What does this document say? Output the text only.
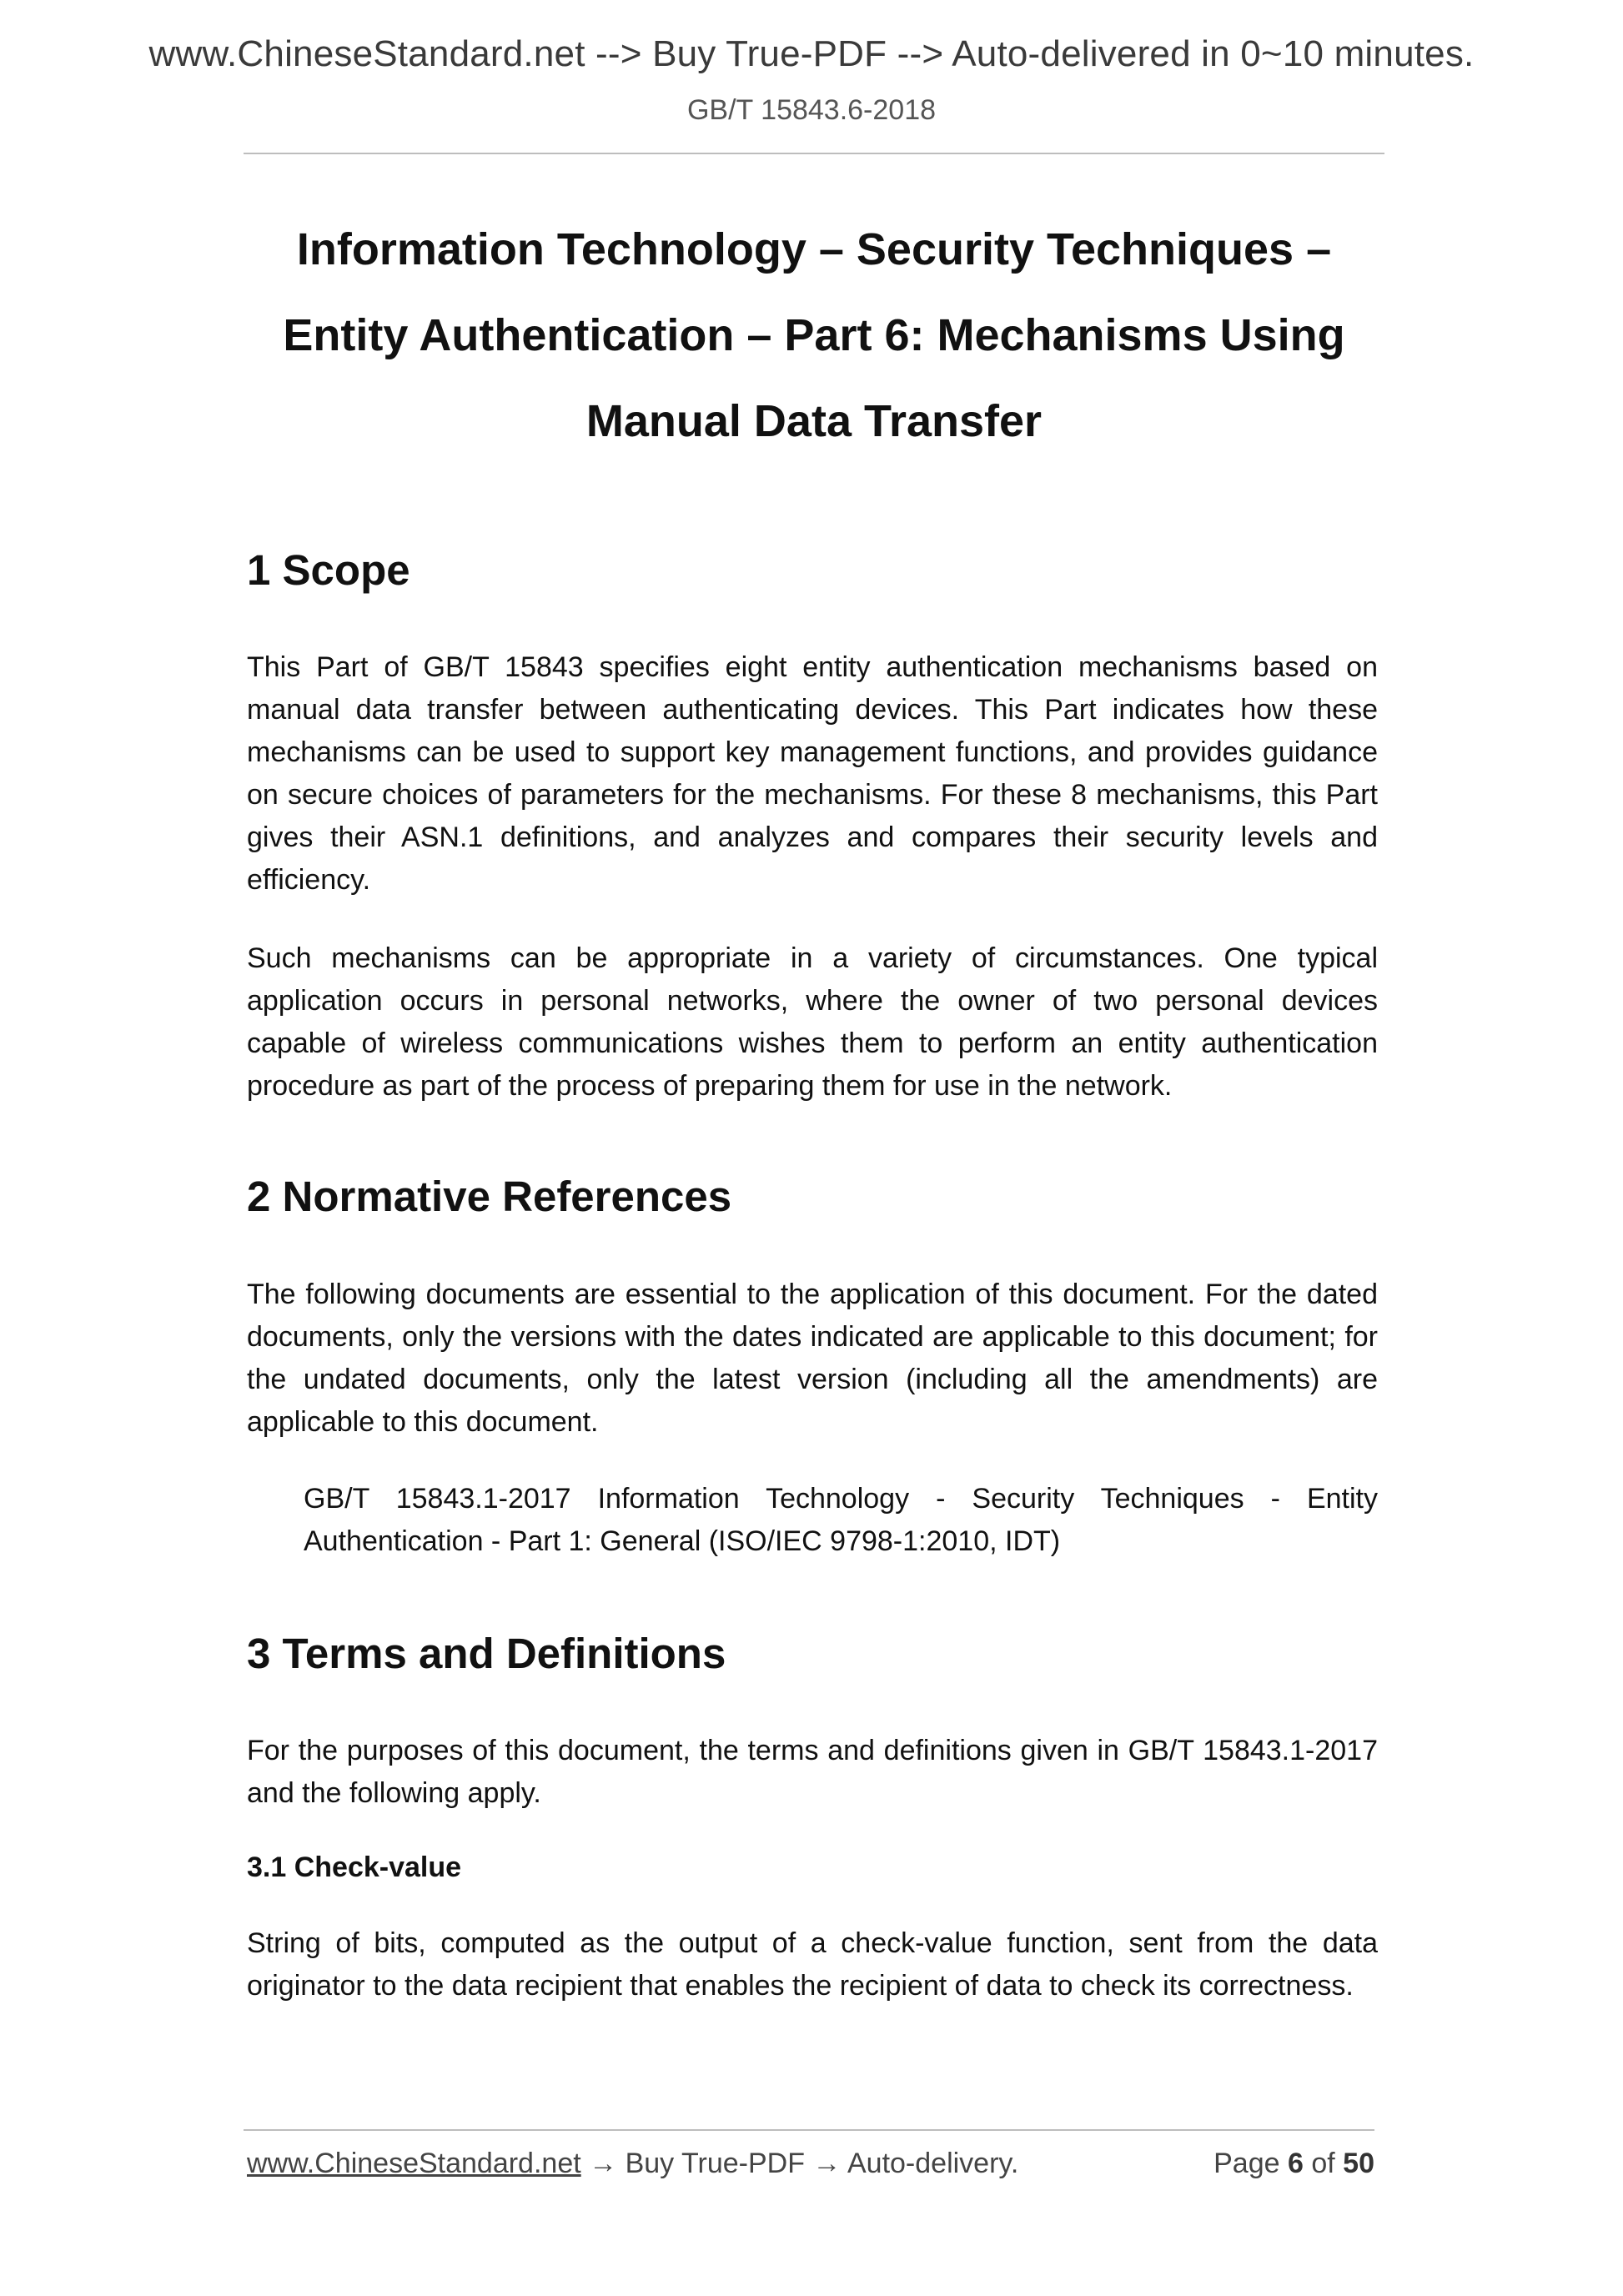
www.ChineseStandard.net --> Buy True-PDF --> Auto-delivered in 0~10 minutes.
GB/T 15843.6-2018
Information Technology – Security Techniques –
Entity Authentication – Part 6: Mechanisms Using
Manual Data Transfer
1 Scope

This Part of GB/T 15843 specifies eight entity authentication mechanisms based on manual data transfer between authenticating devices. This Part indicates how these mechanisms can be used to support key management functions, and provides guidance on secure choices of parameters for the mechanisms. For these 8 mechanisms, this Part gives their ASN.1 definitions, and analyzes and compares their security levels and efficiency.

Such mechanisms can be appropriate in a variety of circumstances. One typical application occurs in personal networks, where the owner of two personal devices capable of wireless communications wishes them to perform an entity authentication procedure as part of the process of preparing them for use in the network.

2 Normative References

The following documents are essential to the application of this document. For the dated documents, only the versions with the dates indicated are applicable to this document; for the undated documents, only the latest version (including all the amendments) are applicable to this document.

GB/T 15843.1-2017 Information Technology - Security Techniques - Entity Authentication - Part 1: General (ISO/IEC 9798-1:2010, IDT)

3 Terms and Definitions

For the purposes of this document, the terms and definitions given in GB/T 15843.1-2017 and the following apply.

3.1 Check-value

String of bits, computed as the output of a check-value function, sent from the data originator to the data recipient that enables the recipient of data to check its correctness.

www.ChineseStandard.net → Buy True-PDF → Auto-delivery.	Page 6 of 50
